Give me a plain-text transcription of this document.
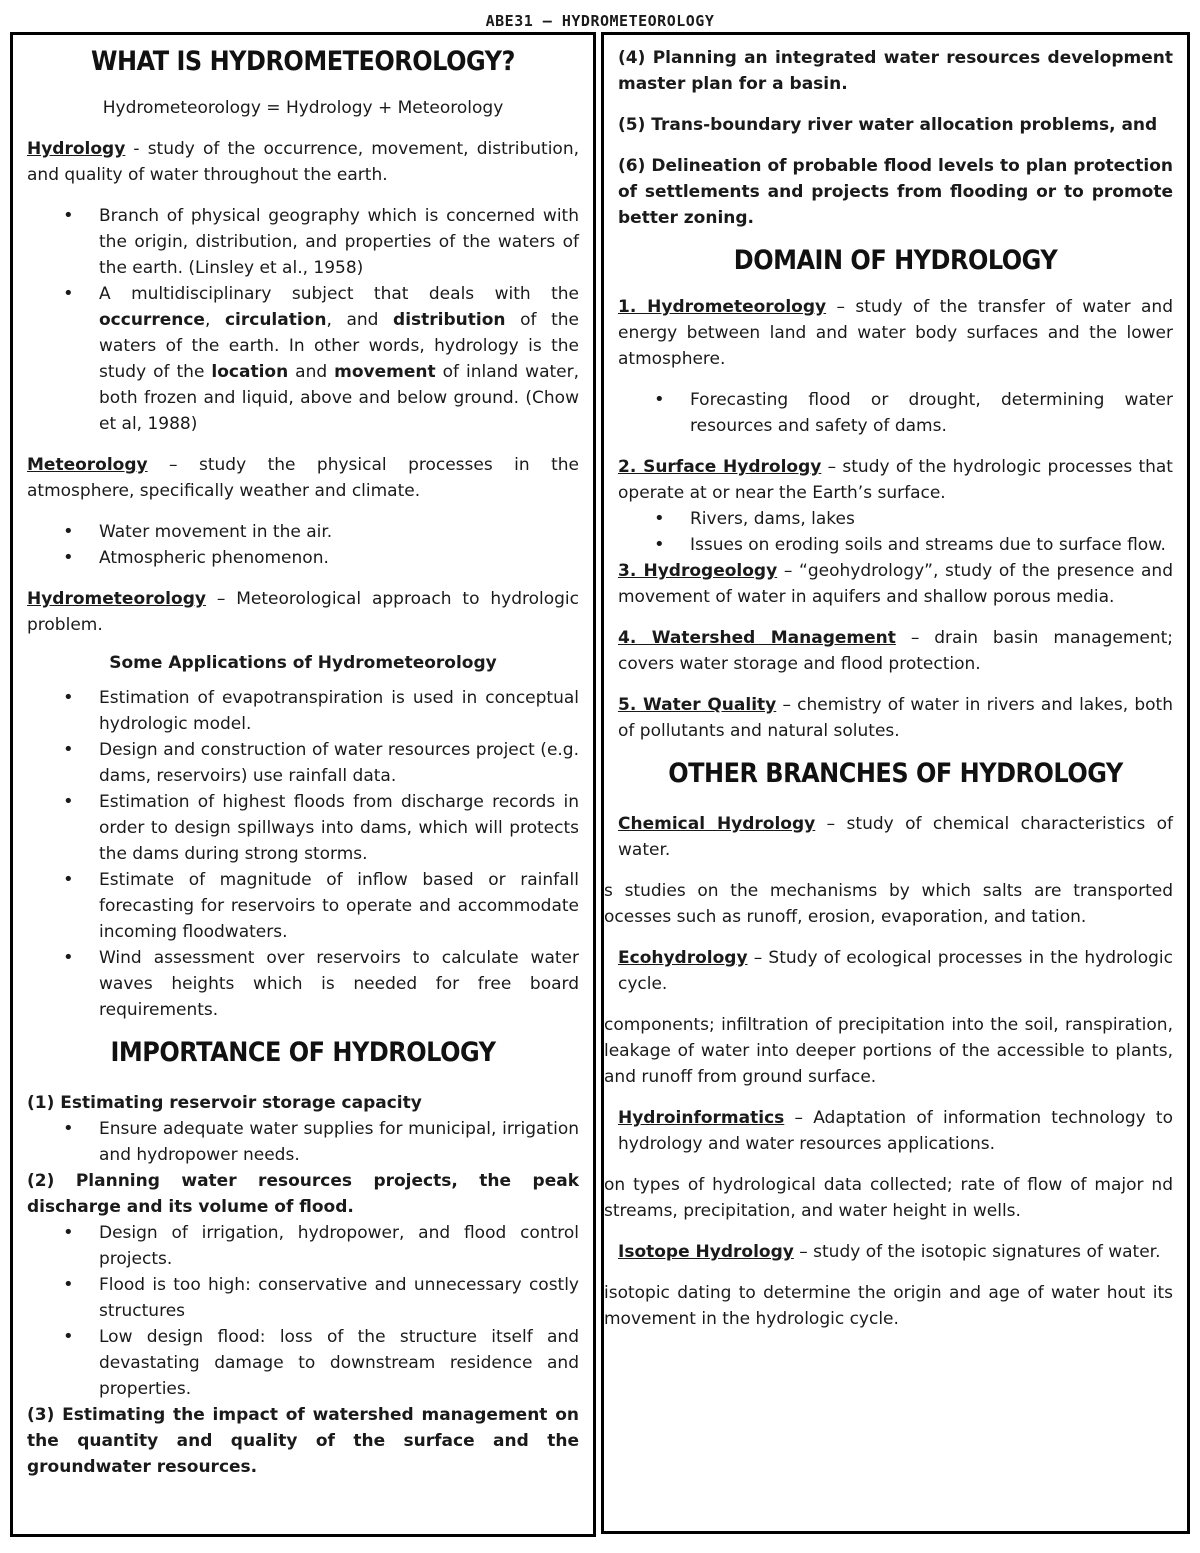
ABE31 – HYDROMETEOROLOGY
WHAT IS HYDROMETEOROLOGY?

Hydrometeorology = Hydrology + Meteorology

Hydrology - study of the occurrence, movement, distribution, and quality of water throughout the earth.

• Branch of physical geography which is concerned with the origin, distribution, and properties of the waters of the earth. (Linsley et al., 1958)
• A multidisciplinary subject that deals with the occurrence, circulation, and distribution of the waters of the earth. In other words, hydrology is the study of the location and movement of inland water, both frozen and liquid, above and below ground. (Chow et al, 1988)

Meteorology – study the physical processes in the atmosphere, specifically weather and climate.

• Water movement in the air.
• Atmospheric phenomenon.

Hydrometeorology – Meteorological approach to hydrologic problem.

Some Applications of Hydrometeorology
• Estimation of evapotranspiration is used in conceptual hydrologic model.
• Design and construction of water resources project (e.g. dams, reservoirs) use rainfall data.
• Estimation of highest floods from discharge records in order to design spillways into dams, which will protects the dams during strong storms.
• Estimate of magnitude of inflow based or rainfall forecasting for reservoirs to operate and accommodate incoming floodwaters.
• Wind assessment over reservoirs to calculate water waves heights which is needed for free board requirements.
IMPORTANCE OF HYDROLOGY
(1) Estimating reservoir storage capacity
• Ensure adequate water supplies for municipal, irrigation and hydropower needs.
(2) Planning water resources projects, the peak discharge and its volume of flood.
• Design of irrigation, hydropower, and flood control projects.
• Flood is too high: conservative and unnecessary costly structures
• Low design flood: loss of the structure itself and devastating damage to downstream residence and properties.
(3) Estimating the impact of watershed management on the quantity and quality of the surface and the groundwater resources.

(4) Planning an integrated water resources development master plan for a basin.

(5) Trans-boundary river water allocation problems, and

(6) Delineation of probable flood levels to plan protection of settlements and projects from flooding or to promote better zoning.

DOMAIN OF HYDROLOGY

1. Hydrometeorology – study of the transfer of water and energy between land and water body surfaces and the lower atmosphere.

• Forecasting flood or drought, determining water resources and safety of dams.

2. Surface Hydrology – study of the hydrologic processes that operate at or near the Earth’s surface.

• Rivers, dams, lakes
• Issues on eroding soils and streams due to surface flow.

3. Hydrogeology – “geohydrology”, study of the presence and movement of water in aquifers and shallow porous media.

4. Watershed Management – drain basin management; covers water storage and flood protection.

5. Water Quality – chemistry of water in rivers and lakes, both of pollutants and natural solutes.

OTHER BRANCHES OF HYDROLOGY

Chemical Hydrology – study of chemical characteristics of water.

s studies on the mechanisms by which salts are transported ocesses such as runoff, erosion, evaporation, and tation.

Ecohydrology – Study of ecological processes in the hydrologic cycle.

components; infiltration of precipitation into the soil, ranspiration, leakage of water into deeper portions of the accessible to plants, and runoff from ground surface.

Hydroinformatics – Adaptation of information technology to hydrology and water resources applications.

on types of hydrological data collected; rate of flow of major nd streams, precipitation, and water height in wells.

Isotope Hydrology – study of the isotopic signatures of water.

isotopic dating to determine the origin and age of water hout its movement in the hydrologic cycle.
